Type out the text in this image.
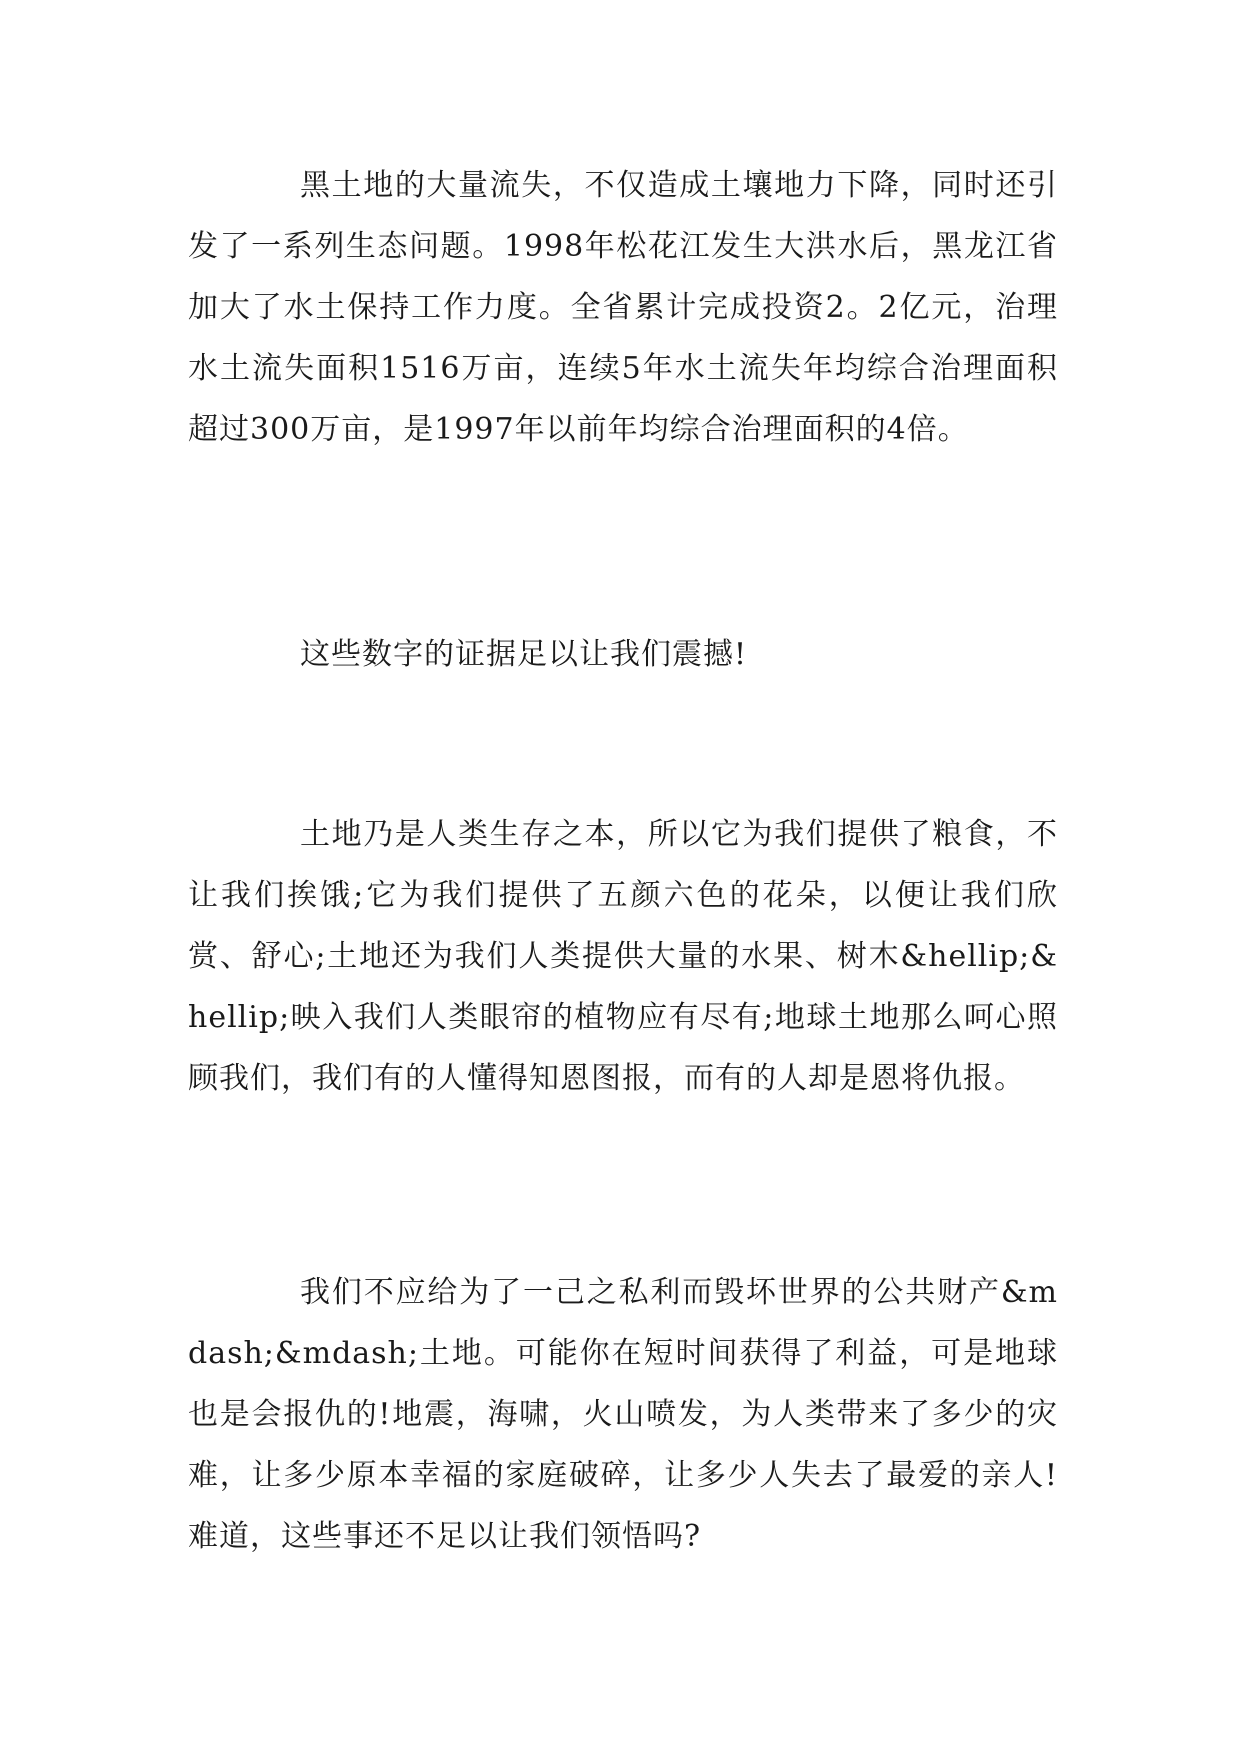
黑土地的大量流失，不仅造成土壤地力下降，同时还引发了一系列生态问题。1998年松花江发生大洪水后，黑龙江省加大了水土保持工作力度。全省累计完成投资2。2亿元，治理水土流失面积1516万亩，连续5年水土流失年均综合治理面积超过300万亩，是1997年以前年均综合治理面积的4倍。

这些数字的证据足以让我们震撼!

土地乃是人类生存之本，所以它为我们提供了粮食，不让我们挨饿;它为我们提供了五颜六色的花朵，以便让我们欣赏、舒心;土地还为我们人类提供大量的水果、树木&hellip;&hellip;映入我们人类眼帘的植物应有尽有;地球土地那么呵心照顾我们，我们有的人懂得知恩图报，而有的人却是恩将仇报。

我们不应给为了一己之私利而毁坏世界的公共财产&mdash;&mdash;土地。可能你在短时间获得了利益，可是地球也是会报仇的!地震，海啸，火山喷发，为人类带来了多少的灾难，让多少原本幸福的家庭破碎，让多少人失去了最爱的亲人!难道，这些事还不足以让我们领悟吗?
